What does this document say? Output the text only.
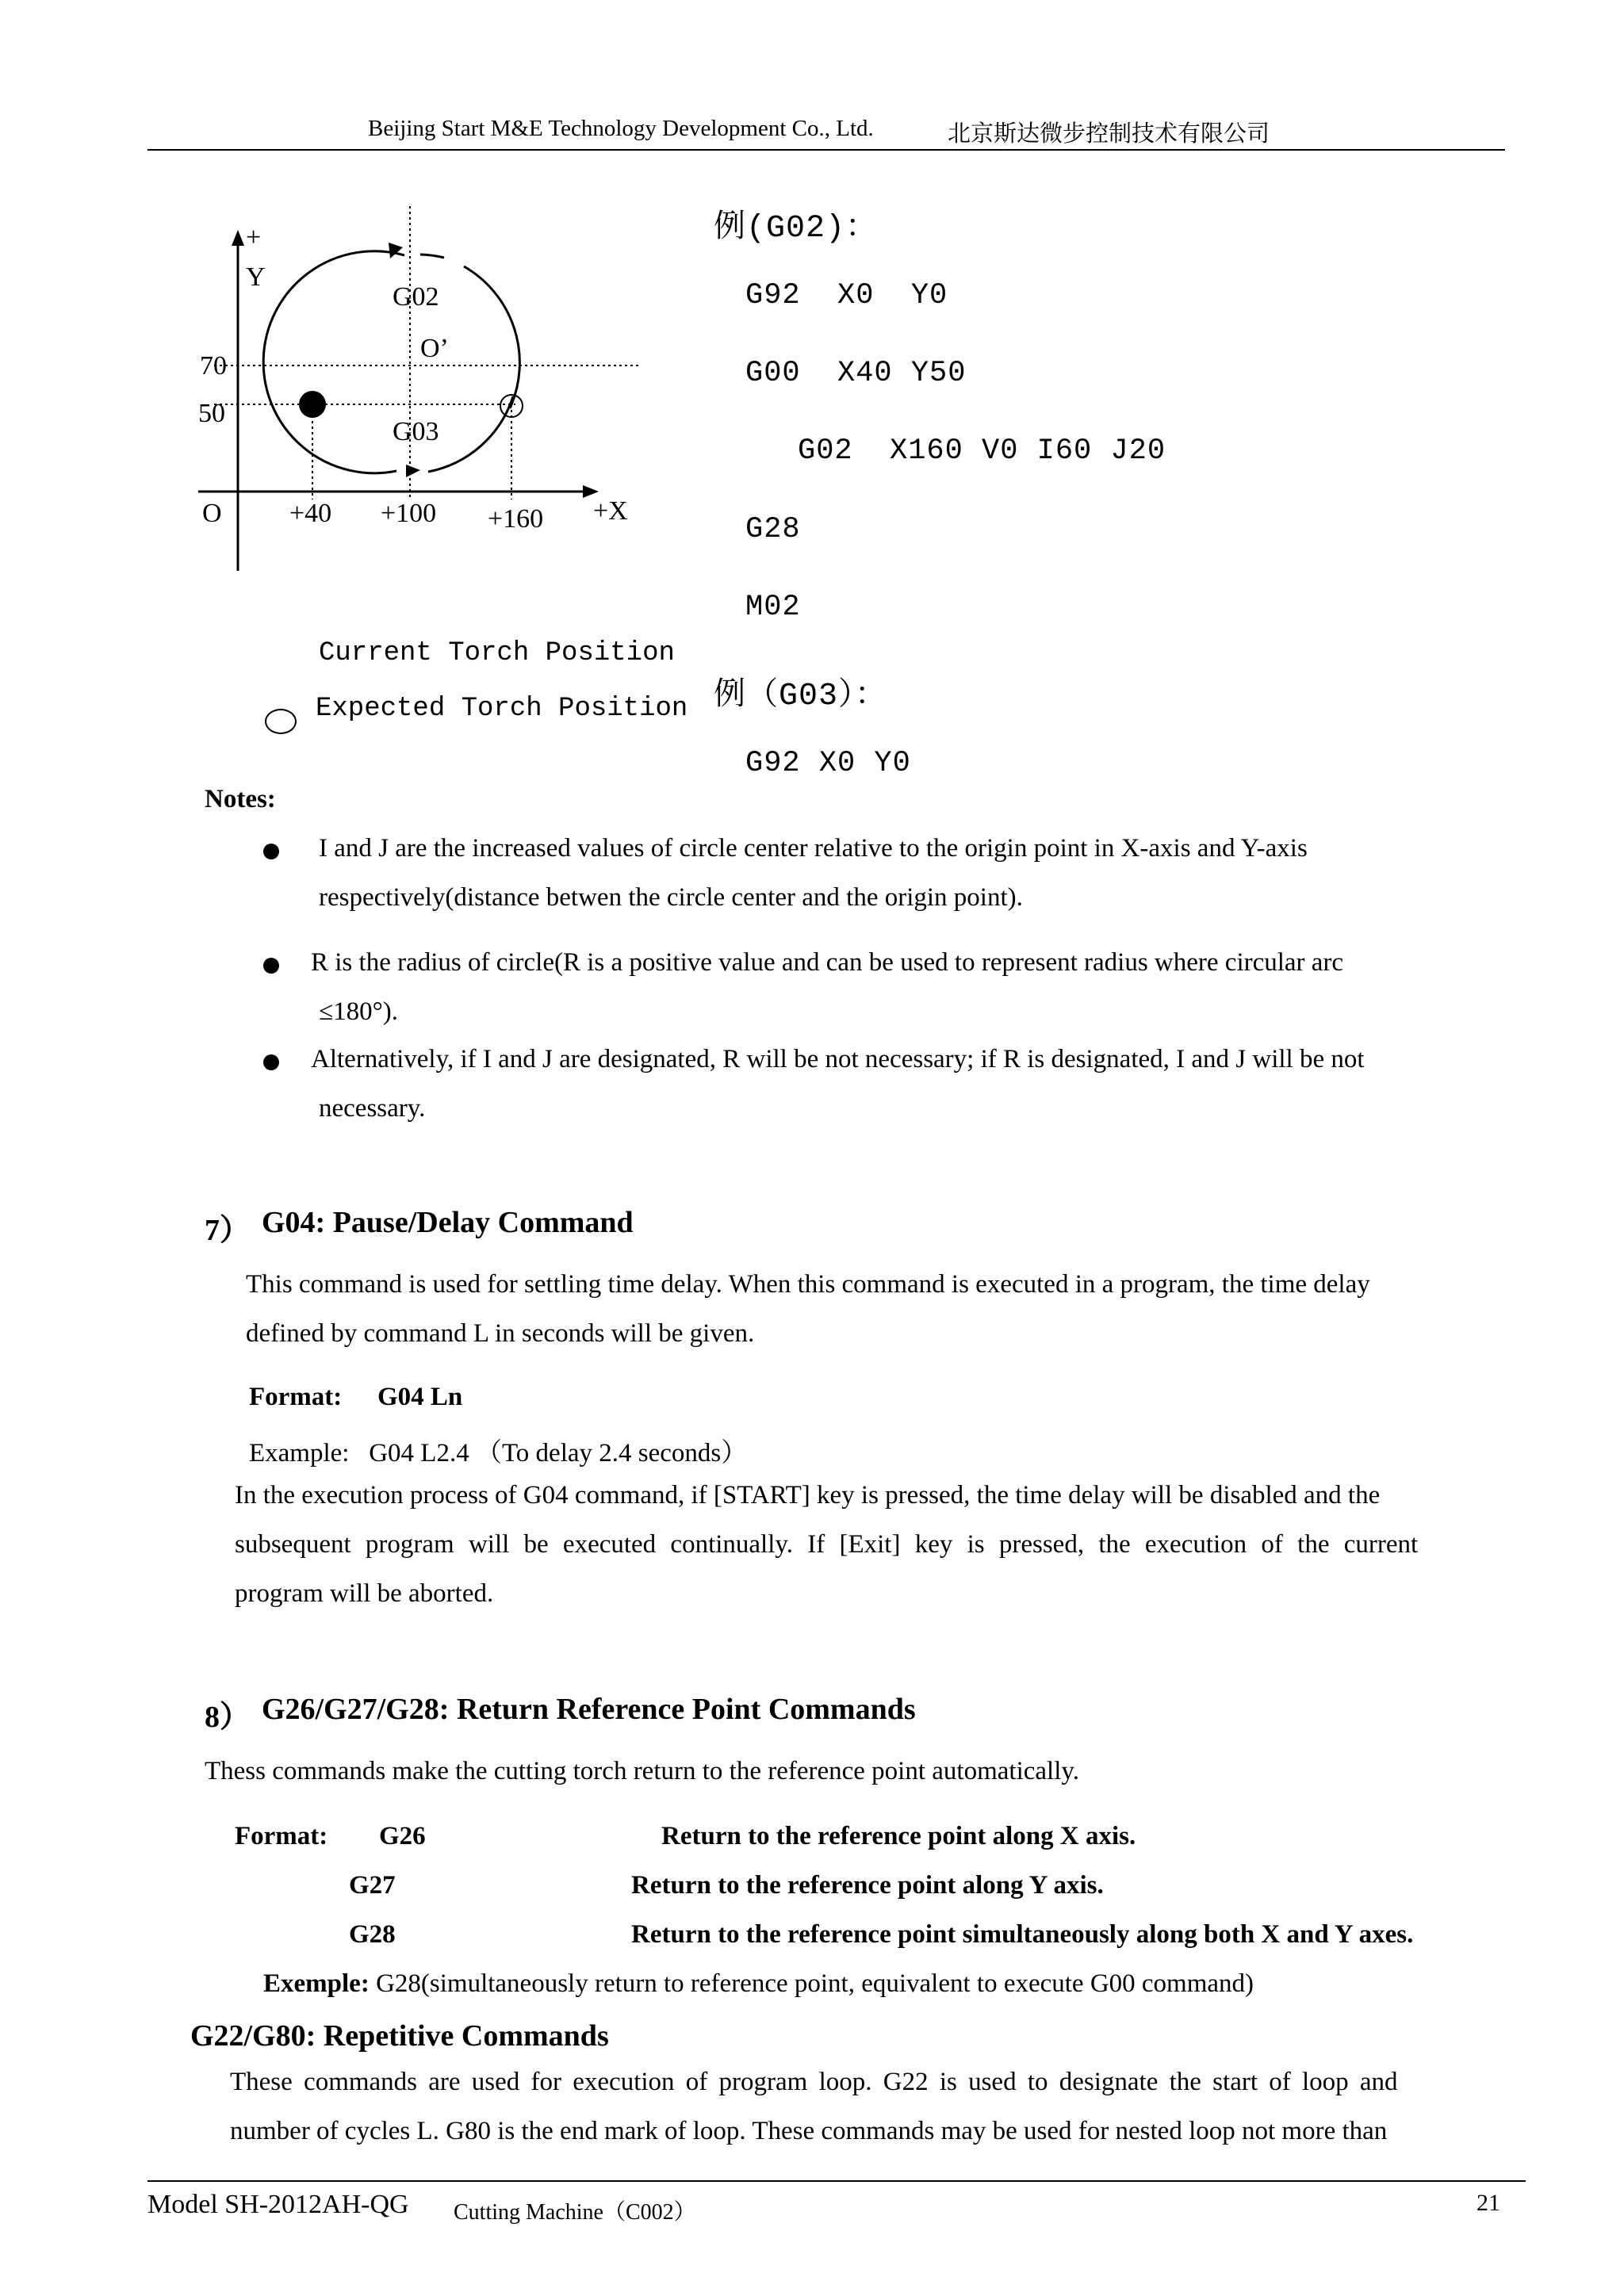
Beijing Start M&E Technology Development Co., Ltd.	北京斯达微步控制技术有限公司
+
Y
G02
O’
G03
70
50
O	+40 +100 +160 +X
Current Torch Position
Expected Torch Position
例(G02)：
G92  X0  Y0
G00  X40 Y50
G02  X160 V0 I60 J20
G28
M02
例（G03）：
G92 X0 Y0
Notes:
I and J are the increased values of circle center relative to the origin point in X-axis and Y-axis
respectively(distance betwen the circle center and the origin point).
R is the radius of circle(R is a positive value and can be used to represent radius where circular arc
≤180°).
Alternatively, if I and J are designated, R will be not necessary; if R is designated, I and J will be not
necessary.
7） G04: Pause/Delay Command
This command is used for settling time delay. When this command is executed in a program, the time delay
defined by command L in seconds will be given.
Format: G04 Ln
Example:   G04 L2.4 （To delay 2.4 seconds）
In the execution process of G04 command, if [START] key is pressed, the time delay will be disabled and the
subsequent program will be executed continually. If [Exit] key is pressed, the execution of the current
program will be aborted.
8） G26/G27/G28: Return Reference Point Commands
Thess commands make the cutting torch return to the reference point automatically.
Format: G26	Return to the reference point along X axis.
G27	Return to the reference point along Y axis.
G28	Return to the reference point simultaneously along both X and Y axes.
Exemple: G28(simultaneously return to reference point, equivalent to execute G00 command)
G22/G80: Repetitive Commands
These commands are used for execution of program loop. G22 is used to designate the start of loop and
number of cycles L. G80 is the end mark of loop. These commands may be used for nested loop not more than
Model SH-2012AH-QG Cutting Machine（C002）	21
